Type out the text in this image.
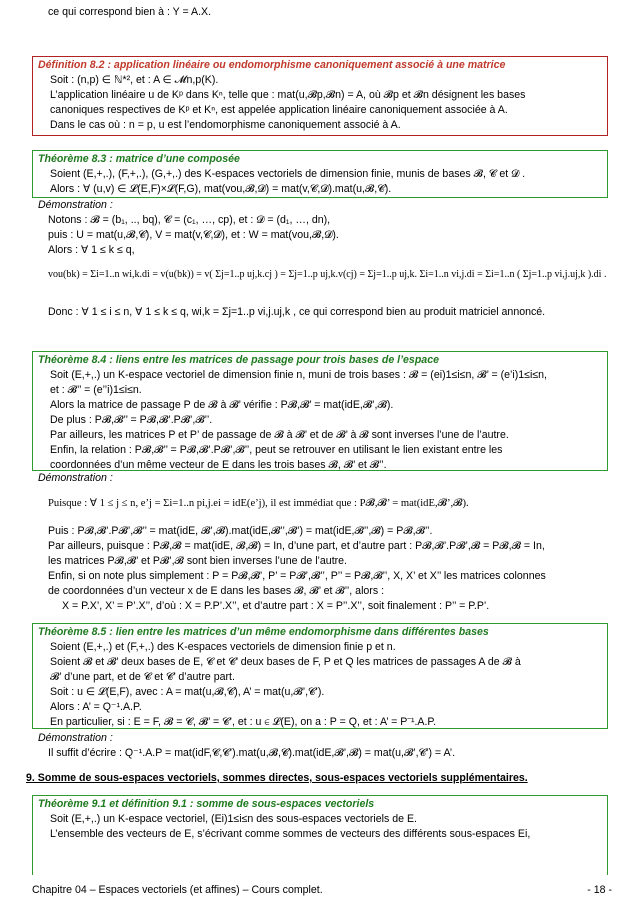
ce qui correspond bien à : Y = A.X.
Définition 8.2 : application linéaire ou endomorphisme canoniquement associé à une matrice
Soit : (n,p) ∈ ℕ*², et : A ∈ 𝓜n,p(K).
L’application linéaire u de Kᵖ dans Kⁿ, telle que : mat(u,𝓑p,𝓑n) = A, où 𝓑p et 𝓑n désignent les bases
canoniques respectives de Kᵖ et Kⁿ, est appelée application linéaire canoniquement associée à A.
Dans le cas où : n = p, u est l’endomorphisme canoniquement associé à A.
Théorème 8.3 : matrice d’une composée
Soient (E,+,.), (F,+,.), (G,+,.) des K-espaces vectoriels de dimension finie, munis de bases 𝓑, 𝓒 et 𝓓 .
Alors : ∀ (u,v) ∈ 𝓛(E,F)×𝓛(F,G), mat(vou,𝓑,𝓓) = mat(v,𝓒,𝓓).mat(u,𝓑,𝓒).
Démonstration :
Notons : 𝓑 = (b₁, .., bq), 𝓒 = (c₁, …, cp), et : 𝓓 = (d₁, …, dn),
puis : U = mat(u,𝓑,𝓒), V = mat(v,𝓒,𝓓), et : W = mat(vou,𝓑,𝓓).
Alors : ∀ 1 ≤ k ≤ q,
vou(bk) = Σi=1..n wi,k.di = v(u(bk)) = v( Σj=1..p uj,k.cj ) = Σj=1..p uj,k.v(cj) = Σj=1..p uj,k. Σi=1..n vi,j.di = Σi=1..n ( Σj=1..p vi,j.uj,k ).di .
Donc : ∀ 1 ≤ i ≤ n, ∀ 1 ≤ k ≤ q, wi,k = Σj=1..p vi,j.uj,k , ce qui correspond bien au produit matriciel annoncé.
Théorème 8.4 : liens entre les matrices de passage pour trois bases de l’espace
Soit (E,+,.) un K-espace vectoriel de dimension finie n, muni de trois bases : 𝓑 = (ei)1≤i≤n, 𝓑’ = (e’i)1≤i≤n,
et : 𝓑’’ = (e’’i)1≤i≤n.
Alors la matrice de passage P de 𝓑 à 𝓑’ vérifie : P𝓑,𝓑’ = mat(idE,𝓑’,𝓑).
De plus : P𝓑,𝓑’’ = P𝓑,𝓑’.P𝓑’,𝓑’’.
Par ailleurs, les matrices P et P’ de passage de 𝓑 à 𝓑’ et de 𝓑’ à 𝓑 sont inverses l’une de l’autre.
Enfin, la relation : P𝓑,𝓑’’ = P𝓑,𝓑’.P𝓑’,𝓑’’, peut se retrouver en utilisant le lien existant entre les
coordonnées d’un même vecteur de E dans les trois bases 𝓑, 𝓑’ et 𝓑’’.
Démonstration :
Puisque : ∀ 1 ≤ j ≤ n, e’j = Σi=1..n pi,j.ei = idE(e’j), il est immédiat que : P𝓑,𝓑’ = mat(idE,𝓑’,𝓑).
Puis : P𝓑,𝓑’.P𝓑’,𝓑’’ = mat(idE, 𝓑’,𝓑).mat(idE,𝓑’’,𝓑’) = mat(idE,𝓑’’,𝓑) = P𝓑,𝓑’’.
Par ailleurs, puisque : P𝓑,𝓑 = mat(idE, 𝓑,𝓑) = In, d’une part, et d’autre part : P𝓑,𝓑’.P𝓑’,𝓑 = P𝓑,𝓑 = In,
les matrices P𝓑,𝓑’ et P𝓑’,𝓑 sont bien inverses l’une de l’autre.
Enfin, si on note plus simplement : P = P𝓑,𝓑’, P’ = P𝓑’,𝓑’’, P’’ = P𝓑,𝓑’’, X, X’ et X’’ les matrices colonnes
de coordonnées d’un vecteur x de E dans les bases 𝓑, 𝓑’ et 𝓑’’, alors :
X = P.X’, X’ = P’.X’’, d’où : X = P.P’.X’’, et d’autre part : X = P’’.X’’, soit finalement : P’’ = P.P’.
Théorème 8.5 : lien entre les matrices d’un même endomorphisme dans différentes bases
Soient (E,+,.) et (F,+,.) des K-espaces vectoriels de dimension finie p et n.
Soient 𝓑 et 𝓑’ deux bases de E, 𝓒 et 𝓒’ deux bases de F, P et Q les matrices de passages A de 𝓑 à
𝓑’ d’une part, et de 𝓒 et 𝓒’ d’autre part.
Soit : u ∈ 𝓛(E,F), avec : A = mat(u,𝓑,𝓒), A’ = mat(u,𝓑’,𝓒’).
Alors : A’ = Q⁻¹.A.P.
En particulier, si : E = F, 𝓑 = 𝓒, 𝓑’ = 𝓒’, et : u ∈ 𝓛(E), on a : P = Q, et : A’ = P⁻¹.A.P.
Démonstration :
Il suffit d’écrire : Q⁻¹.A.P = mat(idF,𝓒,𝓒’).mat(u,𝓑,𝓒).mat(idE,𝓑’,𝓑) = mat(u,𝓑’,𝓒’) = A’.
9. Somme de sous-espaces vectoriels, sommes directes, sous-espaces vectoriels supplémentaires.
Théorème 9.1 et définition 9.1 : somme de sous-espaces vectoriels
Soit (E,+,.) un K-espace vectoriel, (Ei)1≤i≤n des sous-espaces vectoriels de E.
L’ensemble des vecteurs de E, s’écrivant comme sommes de vecteurs des différents sous-espaces Ei,
Chapitre 04 – Espaces vectoriels (et affines) – Cours complet.	- 18 -
